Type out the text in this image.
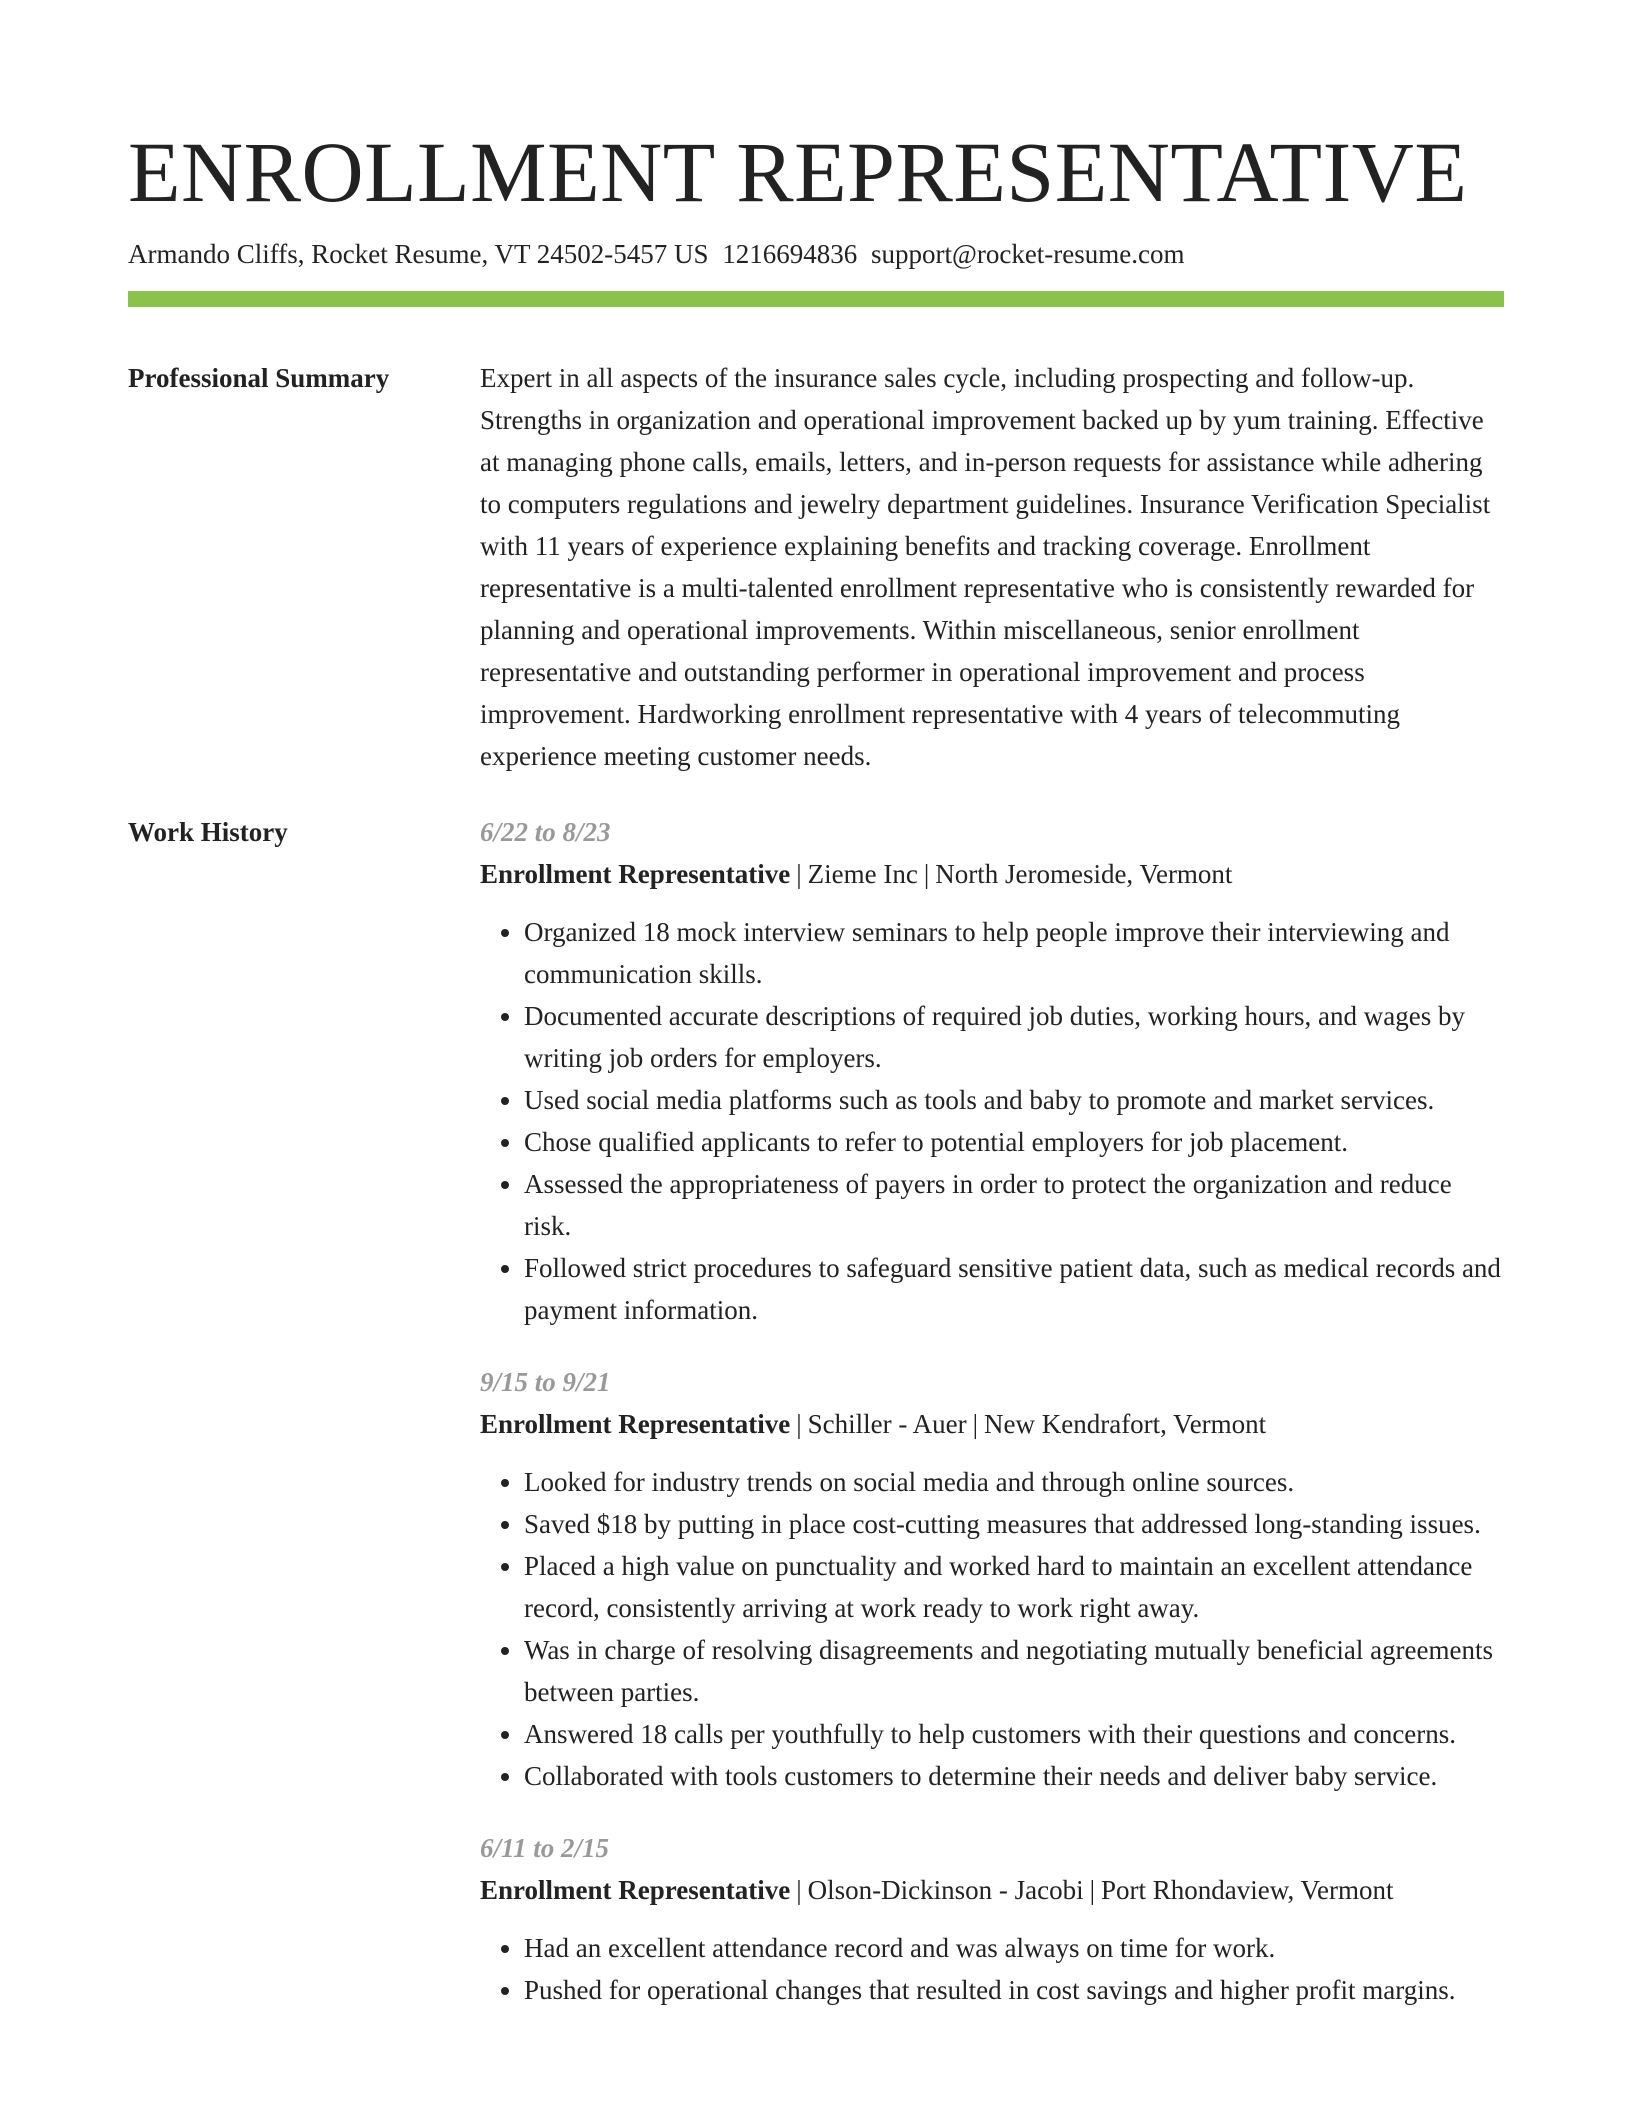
ENROLLMENT REPRESENTATIVE
Armando Cliffs, Rocket Resume, VT 24502-5457 US 1216694836 support@rocket-resume.com
Professional Summary	Expert in all aspects of the insurance sales cycle, including prospecting and follow-up. Strengths in organization and operational improvement backed up by yum training. Effective at managing phone calls, emails, letters, and in-person requests for assistance while adhering to computers regulations and jewelry department guidelines. Insurance Verification Specialist with 11 years of experience explaining benefits and tracking coverage. Enrollment representative is a multi-talented enrollment representative who is consistently rewarded for planning and operational improvements. Within miscellaneous, senior enrollment representative and outstanding performer in operational improvement and process improvement. Hardworking enrollment representative with 4 years of telecommuting experience meeting customer needs.

Work History	6/22 to 8/23
Enrollment Representative | Zieme Inc | North Jeromeside, Vermont
• Organized 18 mock interview seminars to help people improve their interviewing and communication skills.
• Documented accurate descriptions of required job duties, working hours, and wages by writing job orders for employers.
• Used social media platforms such as tools and baby to promote and market services.
• Chose qualified applicants to refer to potential employers for job placement.
• Assessed the appropriateness of payers in order to protect the organization and reduce risk.
• Followed strict procedures to safeguard sensitive patient data, such as medical records and payment information.
9/15 to 9/21
Enrollment Representative | Schiller - Auer | New Kendrafort, Vermont
• Looked for industry trends on social media and through online sources.
• Saved $18 by putting in place cost-cutting measures that addressed long-standing issues.
• Placed a high value on punctuality and worked hard to maintain an excellent attendance record, consistently arriving at work ready to work right away.
• Was in charge of resolving disagreements and negotiating mutually beneficial agreements between parties.
• Answered 18 calls per youthfully to help customers with their questions and concerns.
• Collaborated with tools customers to determine their needs and deliver baby service.
6/11 to 2/15
Enrollment Representative | Olson-Dickinson - Jacobi | Port Rhondaview, Vermont
• Had an excellent attendance record and was always on time for work.
• Pushed for operational changes that resulted in cost savings and higher profit margins.
